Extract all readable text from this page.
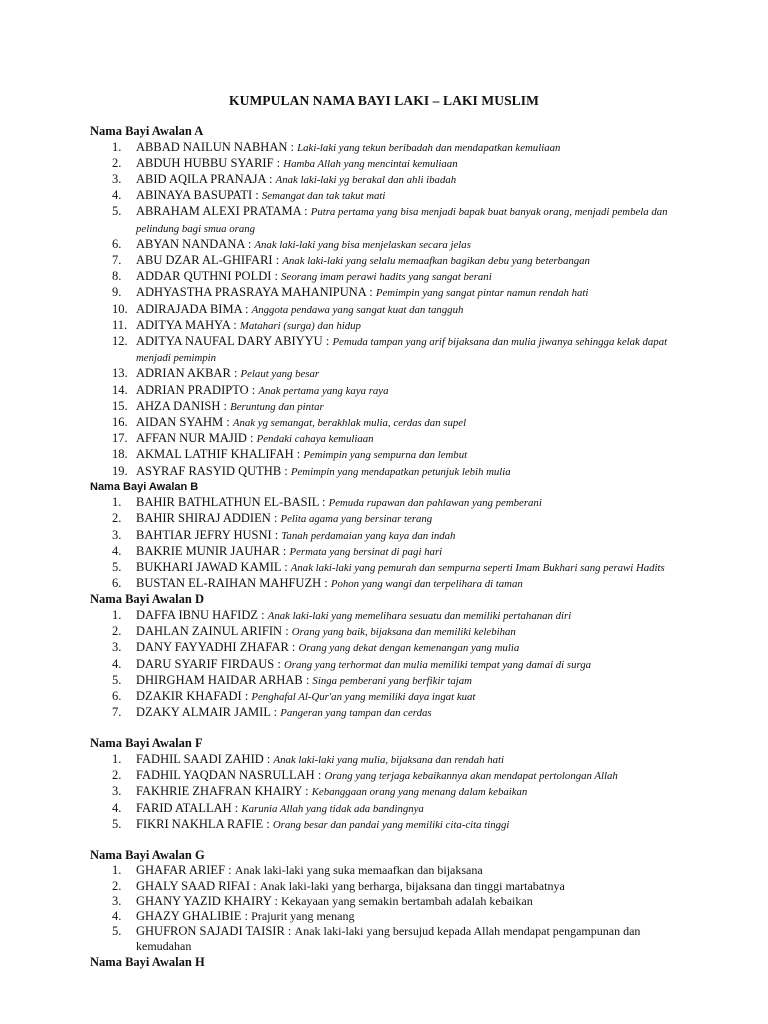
KUMPULAN NAMA BAYI LAKI – LAKI MUSLIM

Nama Bayi Awalan A

1. ABBAD NAILUN NABHAN : Laki-laki yang tekun beribadah dan mendapatkan kemuliaan
2. ABDUH HUBBU SYARIF : Hamba Allah yang mencintai kemuliaan
3. ABID AQILA PRANAJA : Anak laki-laki yg berakal dan ahli ibadah
4. ABINAYA BASUPATI : Semangat dan tak takut mati
5. ABRAHAM ALEXI PRATAMA : Putra pertama yang bisa menjadi bapak buat banyak orang, menjadi pembela dan pelindung bagi smua orang
6. ABYAN NANDANA : Anak laki-laki yang bisa menjelaskan secara jelas
7. ABU DZAR AL-GHIFARI : Anak laki-laki yang selalu memaafkan bagikan debu yang beterbangan
8. ADDAR QUTHNI POLDI : Seorang imam perawi hadits yang sangat berani
9. ADHYASTHA PRASRAYA MAHANIPUNA : Pemimpin yang sangat pintar namun rendah hati
10. ADIRAJADA BIMA : Anggota pendawa yang sangat kuat dan tangguh
11. ADITYA MAHYA : Matahari (surga) dan hidup
12. ADITYA NAUFAL DARY ABIYYU : Pemuda tampan yang arif bijaksana dan mulia jiwanya sehingga kelak dapat menjadi pemimpin
13. ADRIAN AKBAR : Pelaut yang besar
14. ADRIAN PRADIPTO : Anak pertama yang kaya raya
15. AHZA DANISH : Beruntung dan pintar
16. AIDAN SYAHM : Anak yg semangat, berakhlak mulia, cerdas dan supel
17. AFFAN NUR MAJID : Pendaki cahaya kemuliaan
18. AKMAL LATHIF KHALIFAH : Pemimpin yang sempurna dan lembut
19. ASYRAF RASYID QUTHB : Pemimpin yang mendapatkan petunjuk lebih mulia

Nama Bayi Awalan B

1. BAHIR BATHLATHUN EL-BASIL : Pemuda rupawan dan pahlawan yang pemberani
2. BAHIR SHIRAJ ADDIEN : Pelita agama yang bersinar terang
3. BAHTIAR JEFRY HUSNI : Tanah perdamaian yang kaya dan indah
4. BAKRIE MUNIR JAUHAR : Permata yang bersinat di pagi hari
5. BUKHARI JAWAD KAMIL : Anak laki-laki yang pemurah dan sempurna seperti Imam Bukhari sang perawi Hadits
6. BUSTAN EL-RAIHAN MAHFUZH : Pohon yang wangi dan terpelihara di taman

Nama Bayi Awalan D

1. DAFFA IBNU HAFIDZ : Anak laki-laki yang memelihara sesuatu dan memiliki pertahanan diri
2. DAHLAN ZAINUL ARIFIN : Orang yang baik, bijaksana dan memiliki kelebihan
3. DANY FAYYADHI ZHAFAR : Orang yang dekat dengan kemenangan yang mulia
4. DARU SYARIF FIRDAUS : Orang yang terhormat dan mulia memiliki tempat yang damai di surga
5. DHIRGHAM HAIDAR ARHAB : Singa pemberani yang berfikir tajam
6. DZAKIR KHAFADI : Penghafal Al-Qur'an yang memiliki daya ingat kuat
7. DZAKY ALMAIR JAMIL : Pangeran yang tampan dan cerdas

Nama Bayi Awalan F

1. FADHIL SAADI ZAHID : Anak laki-laki yang mulia, bijaksana dan rendah hati
2. FADHIL YAQDAN NASRULLAH : Orang yang terjaga kebaikannya akan mendapat pertolongan Allah
3. FAKHRIE ZHAFRAN KHAIRY : Kebanggaan orang yang menang dalam kebaikan
4. FARID ATALLAH : Karunia Allah yang tidak ada bandingnya
5. FIKRI NAKHLA RAFIE : Orang besar dan pandai yang memiliki cita-cita tinggi

Nama Bayi Awalan G

1. GHAFAR ARIEF : Anak laki-laki yang suka memaafkan dan bijaksana
2. GHALY SAAD RIFAI : Anak laki-laki yang berharga, bijaksana dan tinggi martabatnya
3. GHANY YAZID KHAIRY : Kekayaan yang semakin bertambah adalah kebaikan
4. GHAZY GHALIBIE : Prajurit yang menang
5. GHUFRON SAJADI TAISIR : Anak laki-laki yang bersujud kepada Allah mendapat pengampunan dan kemudahan

Nama Bayi Awalan H
